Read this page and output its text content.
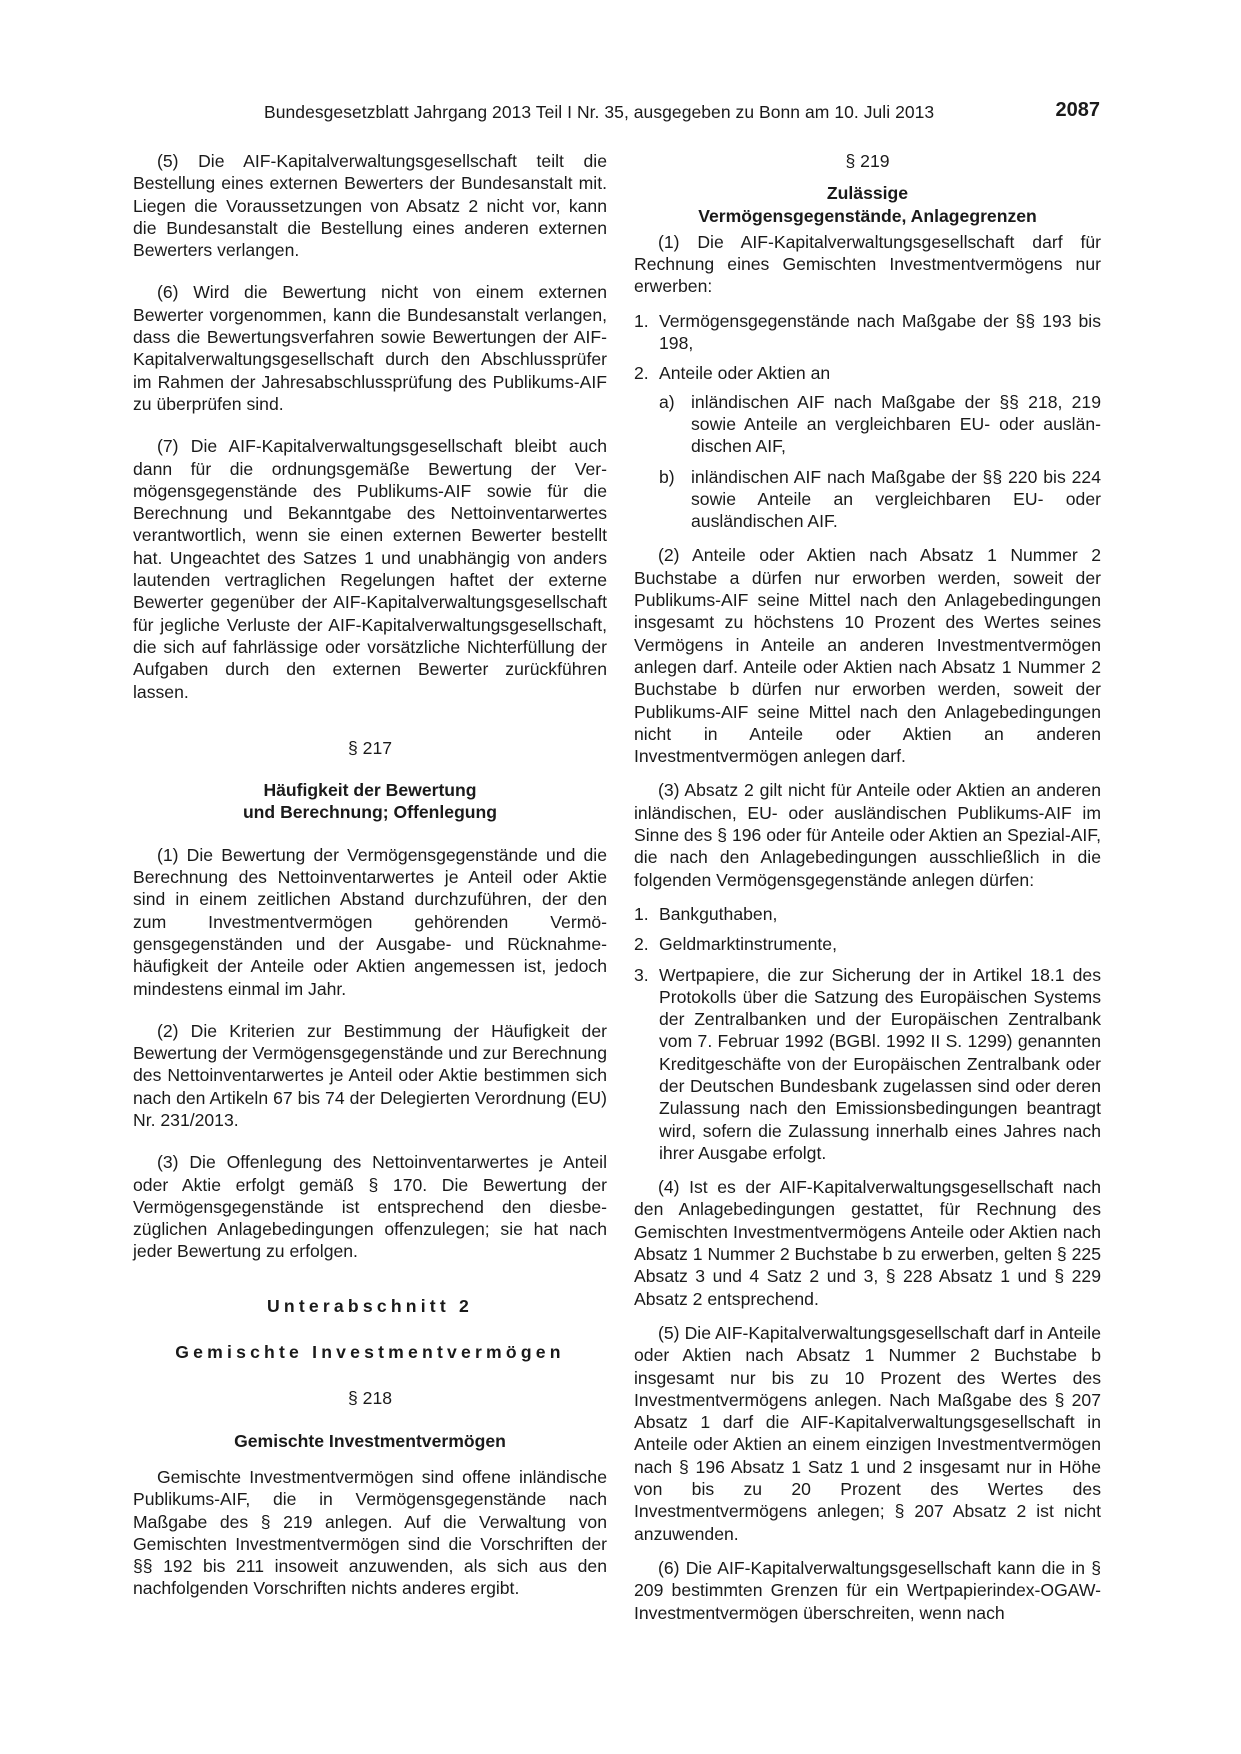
Bundesgesetzblatt Jahrgang 2013 Teil I Nr. 35, ausgegeben zu Bonn am 10. Juli 2013	2087

(5) Die AIF-Kapitalverwaltungsgesellschaft teilt die Bestellung eines externen Bewerters der Bundesanstalt mit. Liegen die Voraussetzungen von Absatz 2 nicht vor, kann die Bundesanstalt die Bestellung eines anderen externen Bewerters verlangen.

(6) Wird die Bewertung nicht von einem externen Bewerter vorgenommen, kann die Bundesanstalt verlangen, dass die Bewertungsverfahren sowie Bewertungen der AIF-Kapitalverwaltungsgesellschaft durch den Abschlussprüfer im Rahmen der Jahresabschlussprüfung des Publikums-AIF zu überprüfen sind.

(7) Die AIF-Kapitalverwaltungsgesellschaft bleibt auch dann für die ordnungsgemäße Bewertung der Vermögensgegenstände des Publikums-AIF sowie für die Berechnung und Bekanntgabe des Nettoinventarwertes verantwortlich, wenn sie einen externen Bewerter bestellt hat. Ungeachtet des Satzes 1 und unabhängig von anders lautenden vertraglichen Regelungen haftet der externe Bewerter gegenüber der AIF-Kapitalverwaltungsgesellschaft für jegliche Verluste der AIF-Kapitalverwaltungsgesellschaft, die sich auf fahrlässige oder vorsätzliche Nichterfüllung der Aufgaben durch den externen Bewerter zurückführen lassen.

§ 217
Häufigkeit der Bewertung
und Berechnung; Offenlegung

(1) Die Bewertung der Vermögensgegenstände und die Berechnung des Nettoinventarwertes je Anteil oder Aktie sind in einem zeitlichen Abstand durchzuführen, der den zum Investmentvermögen gehörenden Vermögensgegenständen und der Ausgabe- und Rücknahmehäufigkeit der Anteile oder Aktien angemessen ist, jedoch mindestens einmal im Jahr.

(2) Die Kriterien zur Bestimmung der Häufigkeit der Bewertung der Vermögensgegenstände und zur Berechnung des Nettoinventarwertes je Anteil oder Aktie bestimmen sich nach den Artikeln 67 bis 74 der Delegierten Verordnung (EU) Nr. 231/2013.

(3) Die Offenlegung des Nettoinventarwertes je Anteil oder Aktie erfolgt gemäß § 170. Die Bewertung der Vermögensgegenstände ist entsprechend den diesbezüglichen Anlagebedingungen offenzulegen; sie hat nach jeder Bewertung zu erfolgen.

Unterabschnitt 2
Gemischte Investmentvermögen
§ 218
Gemischte Investmentvermögen

Gemischte Investmentvermögen sind offene inländische Publikums-AIF, die in Vermögensgegenstände nach Maßgabe des § 219 anlegen. Auf die Verwaltung von Gemischten Investmentvermögen sind die Vorschriften der §§ 192 bis 211 insoweit anzuwenden, als sich aus den nachfolgenden Vorschriften nichts anderes ergibt.

§ 219
Zulässige
Vermögensgegenstände, Anlagegrenzen

(1) Die AIF-Kapitalverwaltungsgesellschaft darf für Rechnung eines Gemischten Investmentvermögens nur erwerben:

1. Vermögensgegenstände nach Maßgabe der §§ 193 bis 198,
2. Anteile oder Aktien an
a) inländischen AIF nach Maßgabe der §§ 218, 219 sowie Anteile an vergleichbaren EU- oder ausländischen AIF,
b) inländischen AIF nach Maßgabe der §§ 220 bis 224 sowie Anteile an vergleichbaren EU- oder ausländischen AIF.

(2) Anteile oder Aktien nach Absatz 1 Nummer 2 Buchstabe a dürfen nur erworben werden, soweit der Publikums-AIF seine Mittel nach den Anlagebedingungen insgesamt zu höchstens 10 Prozent des Wertes seines Vermögens in Anteile an anderen Investmentvermögen anlegen darf. Anteile oder Aktien nach Absatz 1 Nummer 2 Buchstabe b dürfen nur erworben werden, soweit der Publikums-AIF seine Mittel nach den Anlagebedingungen nicht in Anteile oder Aktien an anderen Investmentvermögen anlegen darf.

(3) Absatz 2 gilt nicht für Anteile oder Aktien an anderen inländischen, EU- oder ausländischen Publikums-AIF im Sinne des § 196 oder für Anteile oder Aktien an Spezial-AIF, die nach den Anlagebedingungen ausschließlich in die folgenden Vermögensgegenstände anlegen dürfen:

1. Bankguthaben,
2. Geldmarktinstrumente,
3. Wertpapiere, die zur Sicherung der in Artikel 18.1 des Protokolls über die Satzung des Europäischen Systems der Zentralbanken und der Europäischen Zentralbank vom 7. Februar 1992 (BGBl. 1992 II S. 1299) genannten Kreditgeschäfte von der Europäischen Zentralbank oder der Deutschen Bundesbank zugelassen sind oder deren Zulassung nach den Emissionsbedingungen beantragt wird, sofern die Zulassung innerhalb eines Jahres nach ihrer Ausgabe erfolgt.

(4) Ist es der AIF-Kapitalverwaltungsgesellschaft nach den Anlagebedingungen gestattet, für Rechnung des Gemischten Investmentvermögens Anteile oder Aktien nach Absatz 1 Nummer 2 Buchstabe b zu erwerben, gelten § 225 Absatz 3 und 4 Satz 2 und 3, § 228 Absatz 1 und § 229 Absatz 2 entsprechend.

(5) Die AIF-Kapitalverwaltungsgesellschaft darf in Anteile oder Aktien nach Absatz 1 Nummer 2 Buchstabe b insgesamt nur bis zu 10 Prozent des Wertes des Investmentvermögens anlegen. Nach Maßgabe des § 207 Absatz 1 darf die AIF-Kapitalverwaltungsgesellschaft in Anteile oder Aktien an einem einzigen Investmentvermögen nach § 196 Absatz 1 Satz 1 und 2 insgesamt nur in Höhe von bis zu 20 Prozent des Wertes des Investmentvermögens anlegen; § 207 Absatz 2 ist nicht anzuwenden.

(6) Die AIF-Kapitalverwaltungsgesellschaft kann die in § 209 bestimmten Grenzen für ein Wertpapierindex-OGAW-Investmentvermögen überschreiten, wenn nach
